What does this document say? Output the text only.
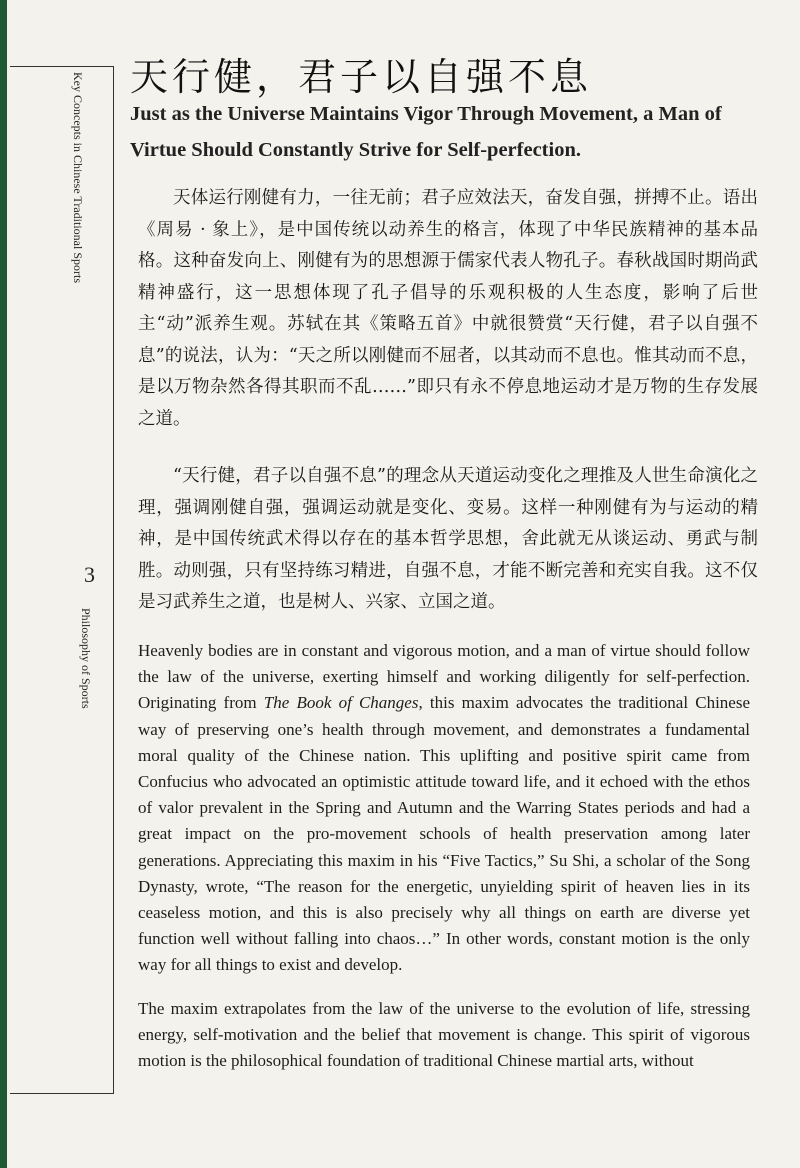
Key Concepts in Chinese Traditional Sports
3
Philosophy of Sports
天行健，君子以自强不息
Just as the Universe Maintains Vigor Through Movement, a Man of Virtue Should Constantly Strive for Self-perfection.

天体运行刚健有力，一往无前；君子应效法天，奋发自强，拼搏不止。语出《周易 · 象上》，是中国传统以动养生的格言，体现了中华民族精神的基本品格。这种奋发向上、刚健有为的思想源于儒家代表人物孔子。春秋战国时期尚武精神盛行，这一思想体现了孔子倡导的乐观积极的人生态度，影响了后世主“动”派养生观。苏轼在其《策略五首》中就很赞赏“天行健，君子以自强不息”的说法，认为：“天之所以刚健而不屈者，以其动而不息也。惟其动而不息，是以万物杂然各得其职而不乱……”即只有永不停息地运动才是万物的生存发展之道。

“天行健，君子以自强不息”的理念从天道运动变化之理推及人世生命演化之理，强调刚健自强，强调运动就是变化、变易。这样一种刚健有为与运动的精神，是中国传统武术得以存在的基本哲学思想，舍此就无从谈运动、勇武与制胜。动则强，只有坚持练习精进，自强不息，才能不断完善和充实自我。这不仅是习武养生之道，也是树人、兴家、立国之道。

Heavenly bodies are in constant and vigorous motion, and a man of virtue should follow the law of the universe, exerting himself and working diligently for self-perfection. Originating from The Book of Changes, this maxim advocates the traditional Chinese way of preserving one’s health through movement, and demonstrates a fundamental moral quality of the Chinese nation. This uplifting and positive spirit came from Confucius who advocated an optimistic attitude toward life, and it echoed with the ethos of valor prevalent in the Spring and Autumn and the Warring States periods and had a great impact on the pro-movement schools of health preservation among later generations. Appreciating this maxim in his “Five Tactics,” Su Shi, a scholar of the Song Dynasty, wrote, “The reason for the energetic, unyielding spirit of heaven lies in its ceaseless motion, and this is also precisely why all things on earth are diverse yet function well without falling into chaos…” In other words, constant motion is the only way for all things to exist and develop.

The maxim extrapolates from the law of the universe to the evolution of life, stressing energy, self-motivation and the belief that movement is change. This spirit of vigorous motion is the philosophical foundation of traditional Chinese martial arts, without
